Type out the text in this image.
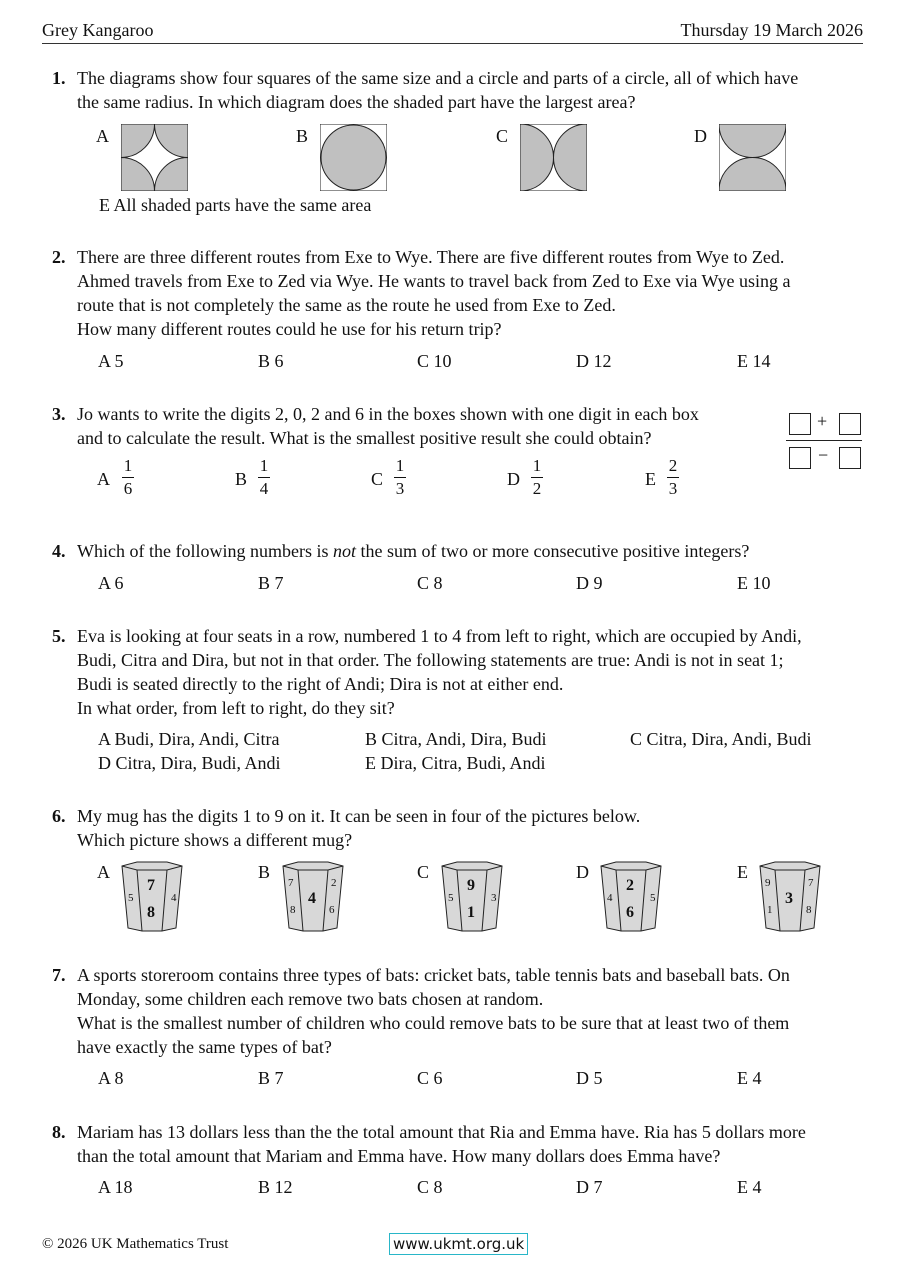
Grey Kangaroo	Thursday 19 March 2026
1. The diagrams show four squares of the same size and a circle and parts of a circle, all of which have
the same radius. In which diagram does the shaded part have the largest area?
A	B	C	D
E All shaded parts have the same area
2. There are three different routes from Exe to Wye. There are five different routes from Wye to Zed.
Ahmed travels from Exe to Zed via Wye. He wants to travel back from Zed to Exe via Wye using a
route that is not completely the same as the route he used from Exe to Zed.
How many different routes could he use for his return trip?
A 5	B 6	C 10	D 12	E 14
3. Jo wants to write the digits 2, 0, 2 and 6 in the boxes shown with one digit in each box
and to calculate the result. What is the smallest positive result she could obtain?
+
−
A
1
6	B
1
4	C
1
3	D
1
2	E
2
3
4. Which of the following numbers is not the sum of two or more consecutive positive integers?
A 6	B 7	C 8	D 9	E 10
5. Eva is looking at four seats in a row, numbered 1 to 4 from left to right, which are occupied by Andi,
Budi, Citra and Dira, but not in that order. The following statements are true: Andi is not in seat 1;
Budi is seated directly to the right of Andi; Dira is not at either end.
In what order, from left to right, do they sit?
A Budi, Dira, Andi, Citra	B Citra, Andi, Dira, Budi	C Citra, Dira, Andi, Budi
D Citra, Dira, Budi, Andi	E Dira, Citra, Budi, Andi
6. My mug has the digits 1 to 9 on it. It can be seen in four of the pictures below.
Which picture shows a different mug?
A
5
7
8
4
B
7
8
4
2
6
C
5
9
1
3
D
4
2
6
5
E
9
1
3
7
8
7. A sports storeroom contains three types of bats: cricket bats, table tennis bats and baseball bats. On
Monday, some children each remove two bats chosen at random.
What is the smallest number of children who could remove bats to be sure that at least two of them
have exactly the same types of bat?
A 8	B 7	C 6	D 5	E 4
8. Mariam has 13 dollars less than the the total amount that Ria and Emma have. Ria has 5 dollars more
than the total amount that Mariam and Emma have. How many dollars does Emma have?
A 18	B 12	C 8	D 7	E 4
© 2026 UK Mathematics Trust	www.ukmt.org.uk
